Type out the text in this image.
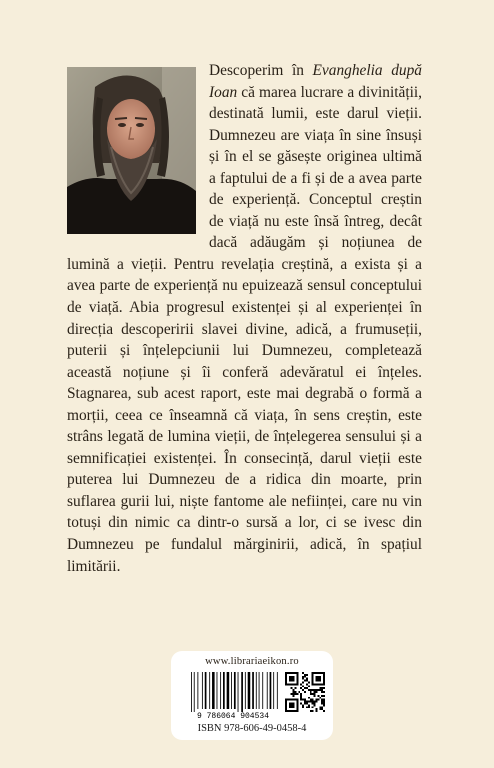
Descoperim în Evanghelia după Ioan că marea lucrare a divinității, destinată lumii, este darul vieții. Dumnezeu are viața în sine însuși și în el se găsește originea ultimă a faptului de a fi și de a avea parte de experiență. Conceptul creștin de viață nu este însă întreg, decât dacă adăugăm și noțiunea de lumină a vieții. Pentru revelația creștină, a exista și a avea parte de experiență nu epuizează sensul conceptului de viață. Abia progresul existenței și al experienței în direcția descoperirii slavei divine, adică, a frumuseții, puterii și înțelepciunii lui Dumnezeu, completează această noțiune și îi conferă adevăratul ei înțeles. Stagnarea, sub acest raport, este mai degrabă o formă a morții, ceea ce înseamnă că viața, în sens creștin, este strâns legată de lumina vieții, de înțelegerea sensului și a semnificației existenței. În consecință, darul vieții este puterea lui Dumnezeu de a ridica din moarte, prin suflarea gurii lui, niște fantome ale neființei, care nu vin totuși din nimic ca dintr-o sursă a lor, ci se ivesc din Dumnezeu pe fundalul mărginirii, adică, în spațiul limitării.

www.librariaeikon.ro
9 786064 904534
ISBN 978-606-49-0458-4
